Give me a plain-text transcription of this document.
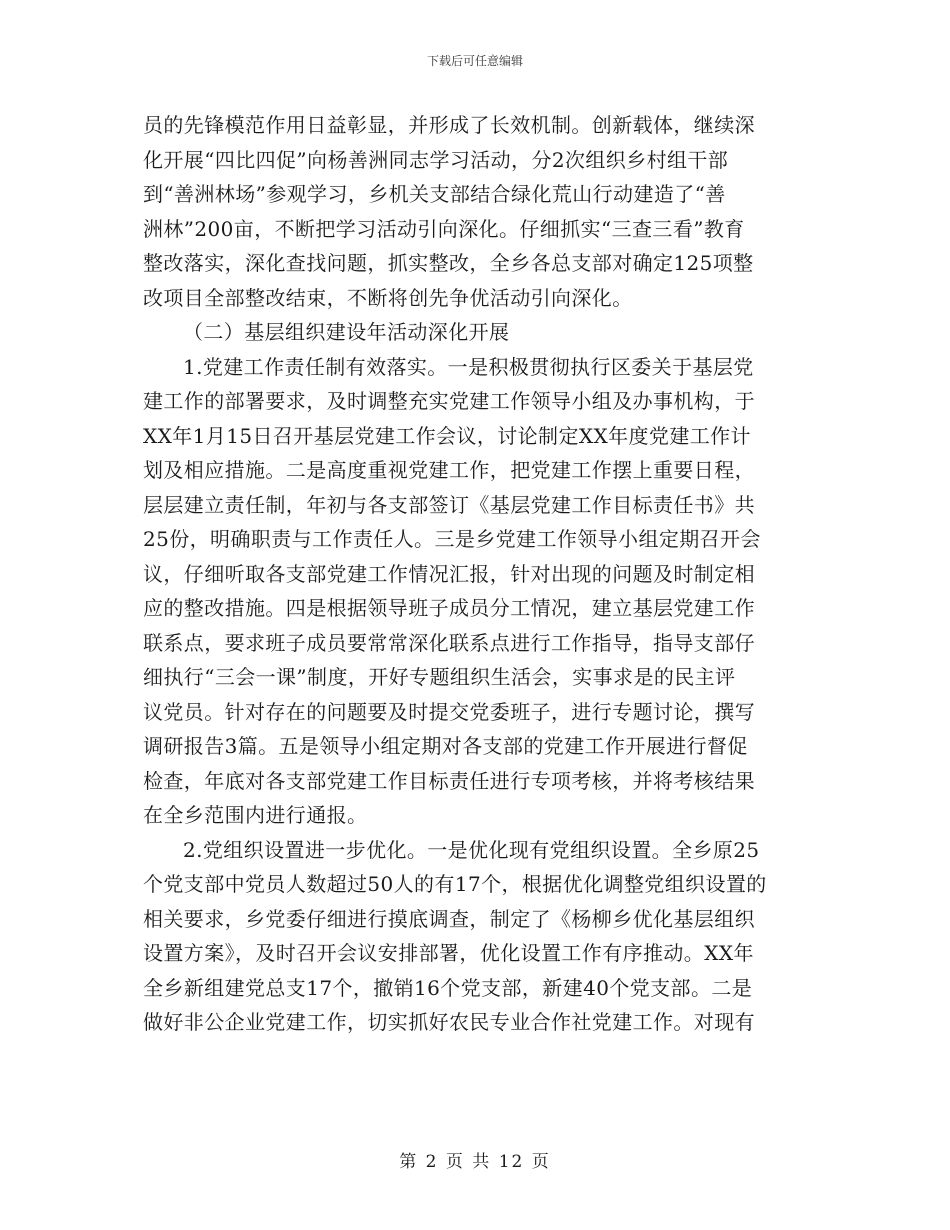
下载后可任意编辑
员的先锋模范作用日益彰显，并形成了长效机制。创新载体，继续深
化开展“四比四促”向杨善洲同志学习活动，分2次组织乡村组干部
到“善洲林场”参观学习，乡机关支部结合绿化荒山行动建造了“善
洲林”200亩，不断把学习活动引向深化。仔细抓实“三查三看”教育
整改落实，深化查找问题，抓实整改，全乡各总支部对确定125项整
改项目全部整改结束，不断将创先争优活动引向深化。
（二）基层组织建设年活动深化开展
1.党建工作责任制有效落实。一是积极贯彻执行区委关于基层党
建工作的部署要求，及时调整充实党建工作领导小组及办事机构，于
XX年1月15日召开基层党建工作会议，讨论制定XX年度党建工作计
划及相应措施。二是高度重视党建工作，把党建工作摆上重要日程，
层层建立责任制，年初与各支部签订《基层党建工作目标责任书》共
25份，明确职责与工作责任人。三是乡党建工作领导小组定期召开会
议，仔细听取各支部党建工作情况汇报，针对出现的问题及时制定相
应的整改措施。四是根据领导班子成员分工情况，建立基层党建工作
联系点，要求班子成员要常常深化联系点进行工作指导，指导支部仔
细执行“三会一课”制度，开好专题组织生活会，实事求是的民主评
议党员。针对存在的问题要及时提交党委班子，进行专题讨论，撰写
调研报告3篇。五是领导小组定期对各支部的党建工作开展进行督促
检查，年底对各支部党建工作目标责任进行专项考核，并将考核结果
在全乡范围内进行通报。
2.党组织设置进一步优化。一是优化现有党组织设置。全乡原25
个党支部中党员人数超过50人的有17个，根据优化调整党组织设置的
相关要求，乡党委仔细进行摸底调查，制定了《杨柳乡优化基层组织
设置方案》，及时召开会议安排部署，优化设置工作有序推动。XX年
全乡新组建党总支17个，撤销16个党支部，新建40个党支部。二是
做好非公企业党建工作，切实抓好农民专业合作社党建工作。对现有
第 2 页 共 12 页
